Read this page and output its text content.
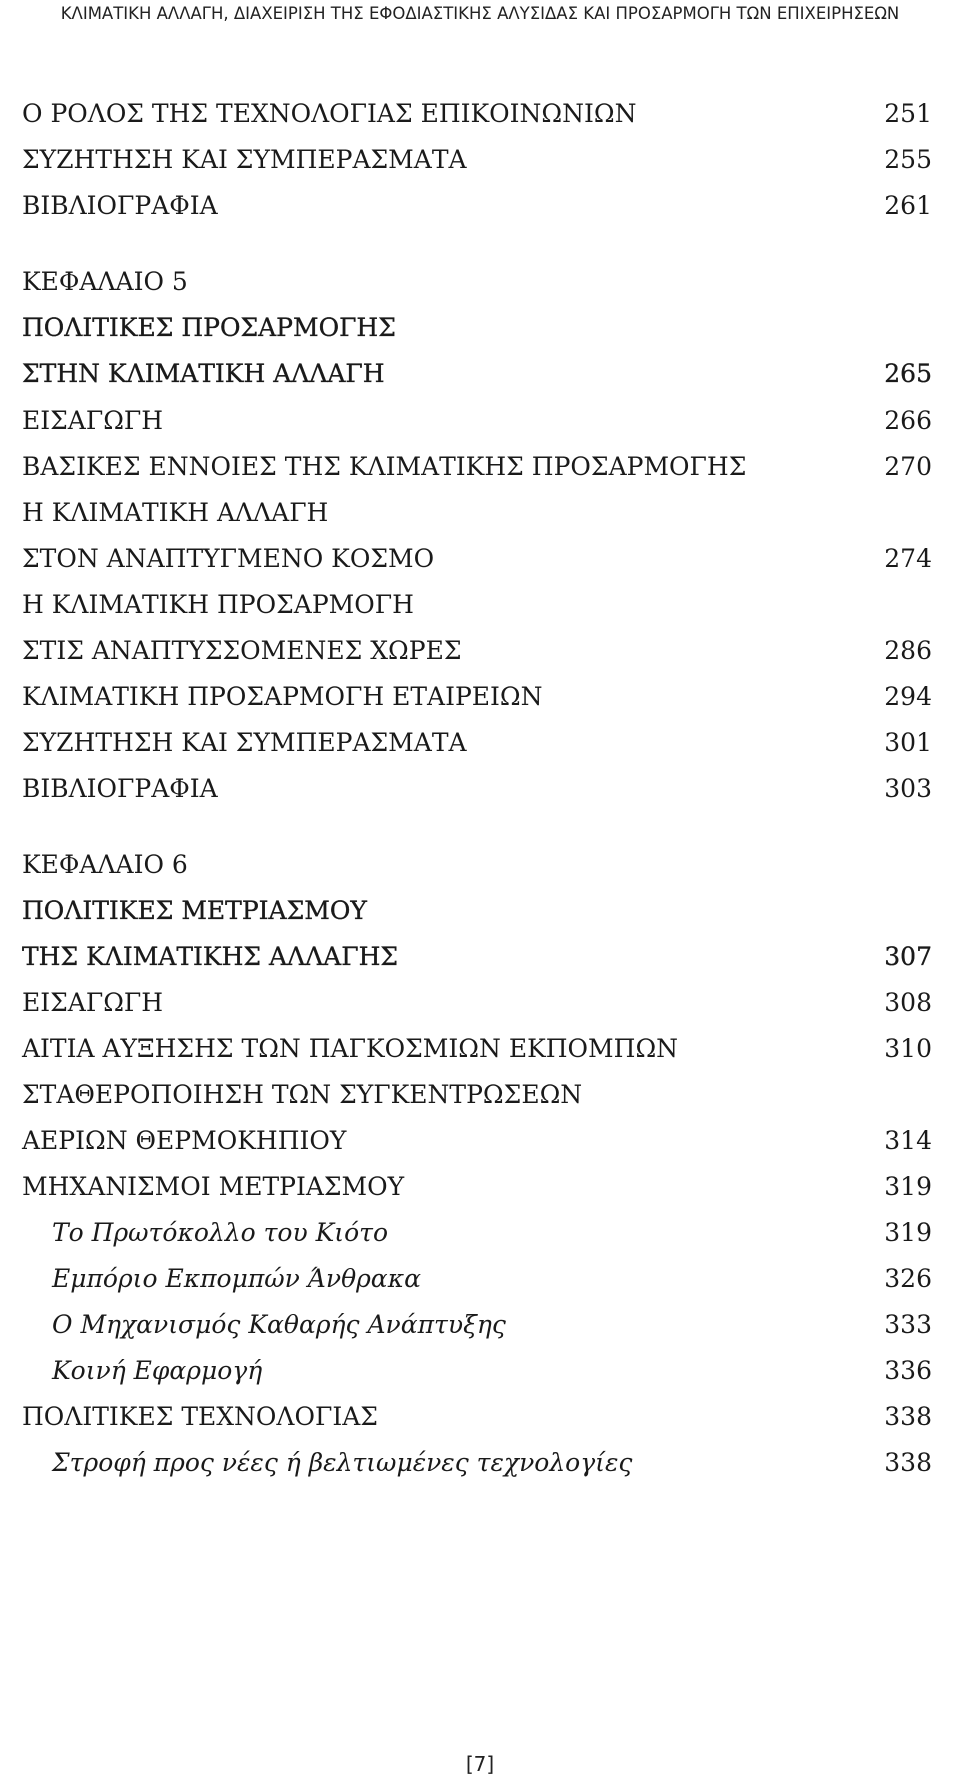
ΚΛΙΜΑΤΙΚΗ ΑΛΛΑΓΗ, ΔΙΑΧΕΙΡΙΣΗ ΤΗΣ ΕΦΟΔΙΑΣΤΙΚΗΣ ΑΛΥΣΙΔΑΣ ΚΑΙ ΠΡΟΣΑΡΜΟΓΗ ΤΩΝ ΕΠΙΧΕΙΡΗΣΕΩΝ
Ο ΡΟΛΟΣ ΤΗΣ ΤΕΧΝΟΛΟΓΙΑΣ ΕΠΙΚΟΙΝΩΝΙΩΝ	251
ΣΥΖΗΤΗΣΗ ΚΑΙ ΣΥΜΠΕΡΑΣΜΑΤΑ	255
ΒΙΒΛΙΟΓΡΑΦΙΑ	261
ΚΕΦΑΛΑΙΟ 5
ΠΟΛΙΤΙΚΕΣ ΠΡΟΣΑΡΜΟΓΗΣ
ΣΤΗΝ ΚΛΙΜΑΤΙΚΗ ΑΛΛΑΓΗ	265
ΕΙΣΑΓΩΓΗ	266
ΒΑΣΙΚΕΣ ΕΝΝΟΙΕΣ ΤΗΣ ΚΛΙΜΑΤΙΚΗΣ ΠΡΟΣΑΡΜΟΓΗΣ	270
Η ΚΛΙΜΑΤΙΚΗ ΑΛΛΑΓΗ
ΣΤΟΝ ΑΝΑΠΤΥΓΜΕΝΟ ΚΟΣΜΟ	274
Η ΚΛΙΜΑΤΙΚΗ ΠΡΟΣΑΡΜΟΓΗ
ΣΤΙΣ ΑΝΑΠΤΥΣΣΟΜΕΝΕΣ ΧΩΡΕΣ	286
ΚΛΙΜΑΤΙΚΗ ΠΡΟΣΑΡΜΟΓΗ ΕΤΑΙΡΕΙΩΝ	294
ΣΥΖΗΤΗΣΗ ΚΑΙ ΣΥΜΠΕΡΑΣΜΑΤΑ	301
ΒΙΒΛΙΟΓΡΑΦΙΑ	303
ΚΕΦΑΛΑΙΟ 6
ΠΟΛΙΤΙΚΕΣ ΜΕΤΡΙΑΣΜΟΥ
ΤΗΣ ΚΛΙΜΑΤΙΚΗΣ ΑΛΛΑΓΗΣ	307
ΕΙΣΑΓΩΓΗ	308
ΑΙΤΙΑ ΑΥΞΗΣΗΣ ΤΩΝ ΠΑΓΚΟΣΜΙΩΝ ΕΚΠΟΜΠΩΝ	310
ΣΤΑΘΕΡΟΠΟΙΗΣΗ ΤΩΝ ΣΥΓΚΕΝΤΡΩΣΕΩΝ
ΑΕΡΙΩΝ ΘΕΡΜΟΚΗΠΙΟΥ	314
ΜΗΧΑΝΙΣΜΟΙ ΜΕΤΡΙΑΣΜΟΥ	319
Το Πρωτόκολλο του Κιότο	319
Εμπόριο Εκπομπών Άνθρακα	326
Ο Μηχανισμός Καθαρής Ανάπτυξης	333
Κοινή Εφαρμογή	336
ΠΟΛΙΤΙΚΕΣ ΤΕΧΝΟΛΟΓΙΑΣ	338
Στροφή προς νέες ή βελτιωμένες τεχνολογίες	338
[7]
